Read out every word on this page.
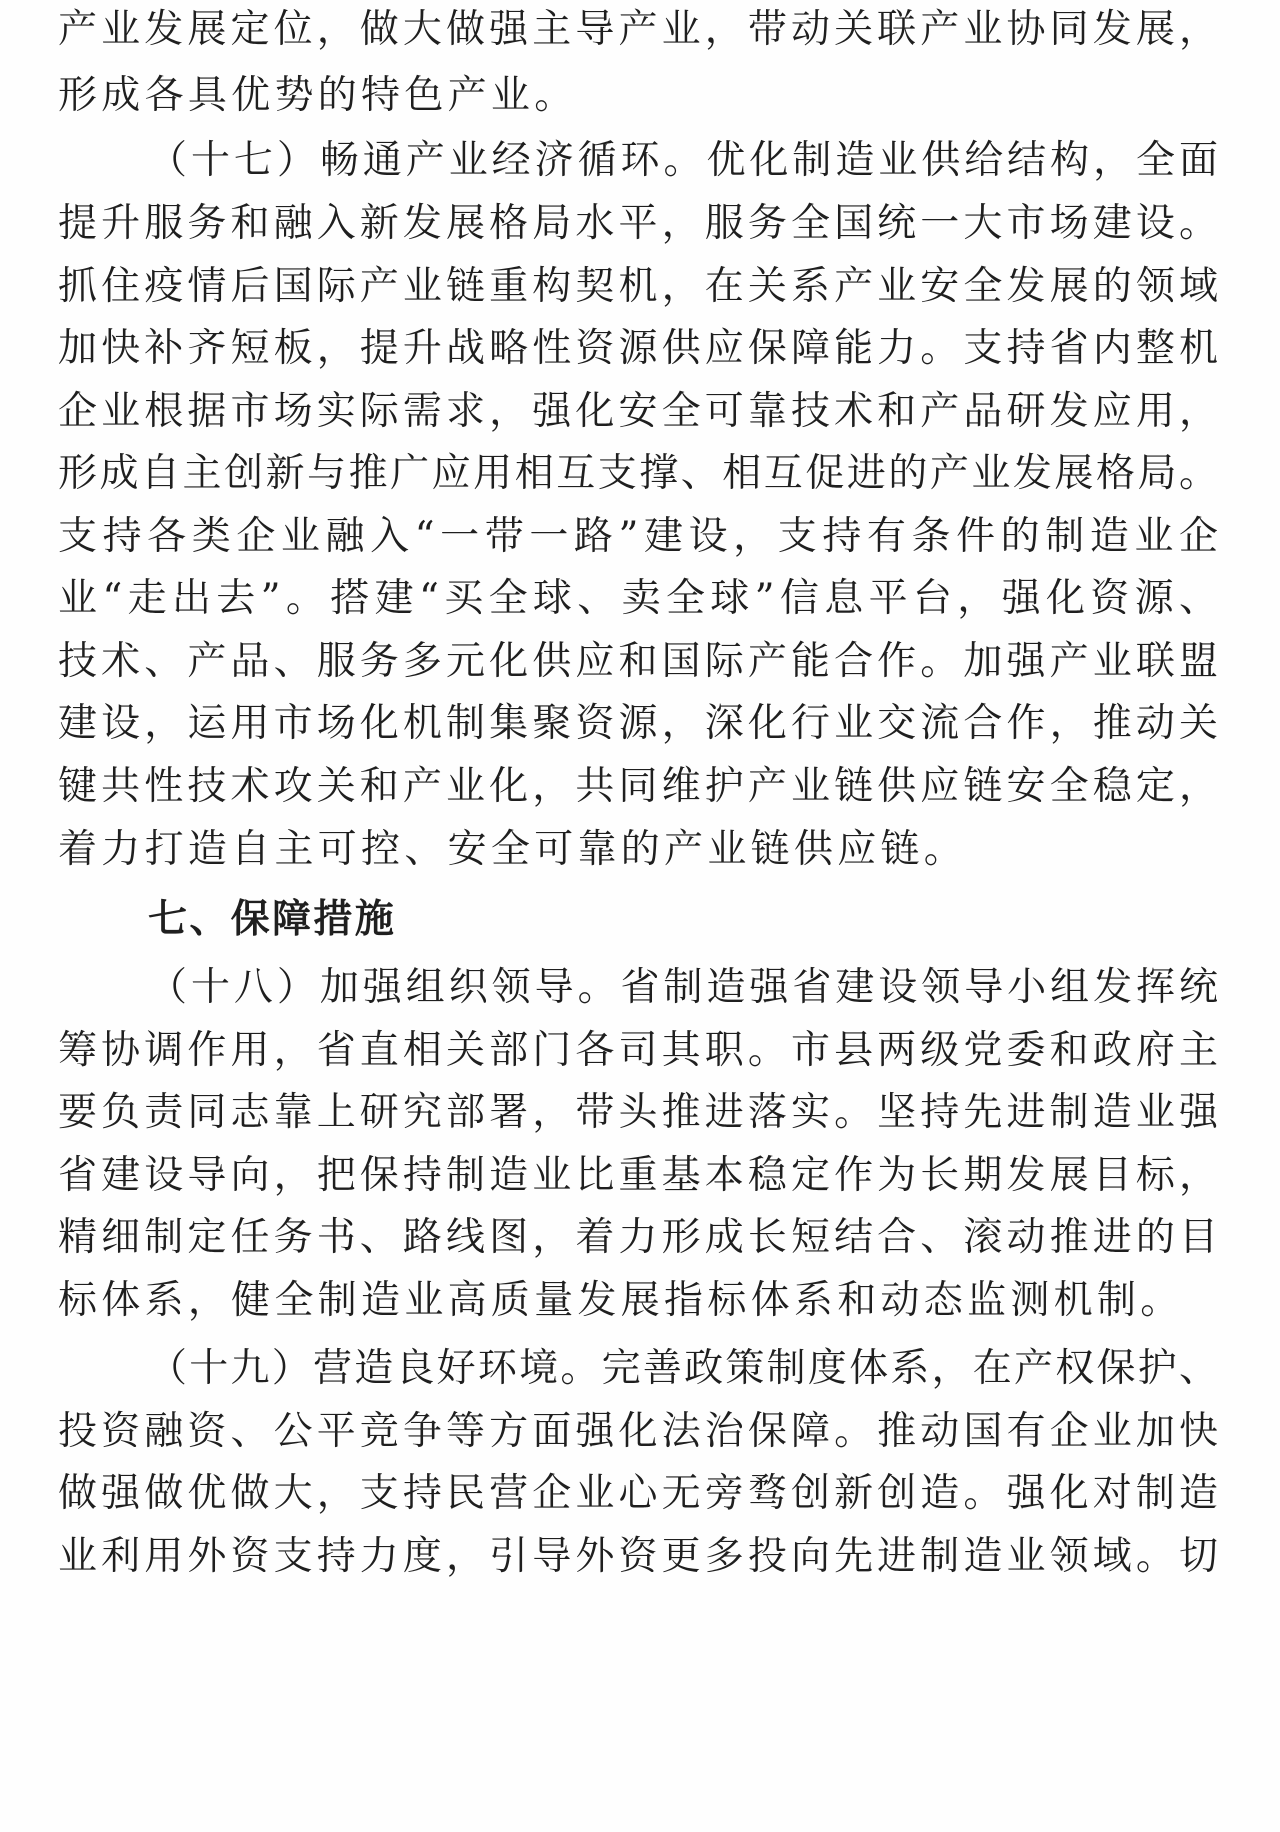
产业发展定位，做大做强主导产业，带动关联产业协同发展，

形成各具优势的特色产业。

（十七）畅通产业经济循环。优化制造业供给结构，全面

提升服务和融入新发展格局水平，服务全国统一大市场建设。

抓住疫情后国际产业链重构契机，在关系产业安全发展的领域

加快补齐短板，提升战略性资源供应保障能力。支持省内整机

企业根据市场实际需求，强化安全可靠技术和产品研发应用，

形成自主创新与推广应用相互支撑、相互促进的产业发展格局。

支持各类企业融入“一带一路”建设，支持有条件的制造业企

业“走出去”。搭建“买全球、卖全球”信息平台，强化资源、

技术、产品、服务多元化供应和国际产能合作。加强产业联盟

建设，运用市场化机制集聚资源，深化行业交流合作，推动关

键共性技术攻关和产业化，共同维护产业链供应链安全稳定，

着力打造自主可控、安全可靠的产业链供应链。

七、保障措施

（十八）加强组织领导。省制造强省建设领导小组发挥统

筹协调作用，省直相关部门各司其职。市县两级党委和政府主

要负责同志靠上研究部署，带头推进落实。坚持先进制造业强

省建设导向，把保持制造业比重基本稳定作为长期发展目标，

精细制定任务书、路线图，着力形成长短结合、滚动推进的目

标体系，健全制造业高质量发展指标体系和动态监测机制。

（十九）营造良好环境。完善政策制度体系，在产权保护、

投资融资、公平竞争等方面强化法治保障。推动国有企业加快

做强做优做大，支持民营企业心无旁骛创新创造。强化对制造

业利用外资支持力度，引导外资更多投向先进制造业领域。切
